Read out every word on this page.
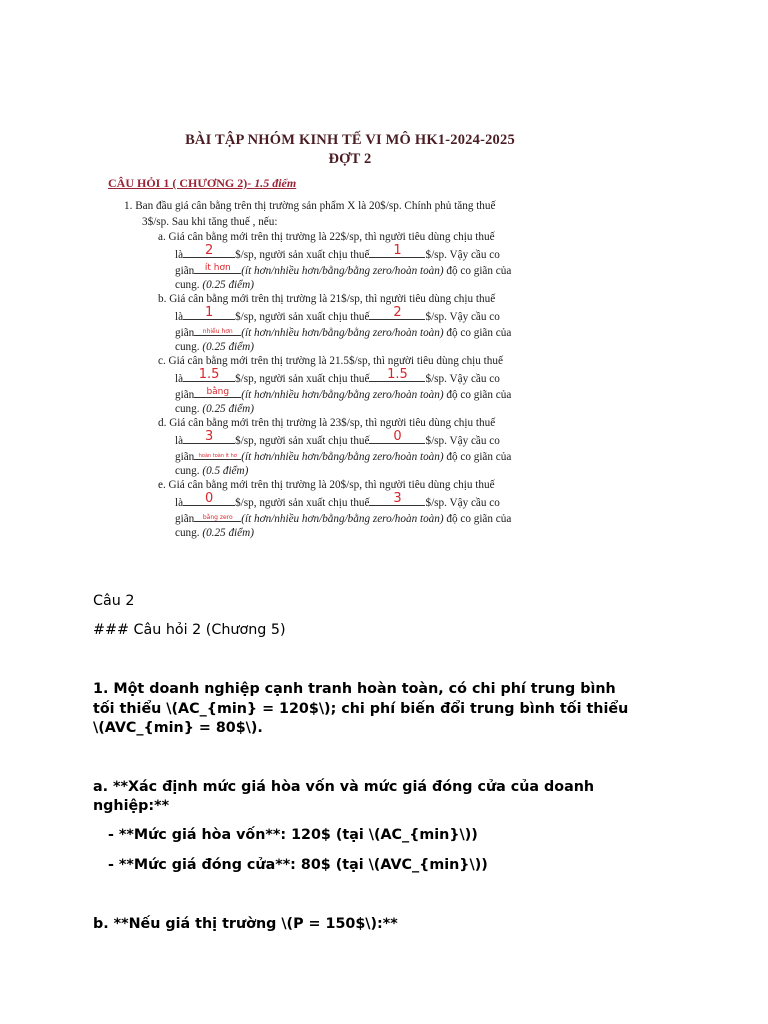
BÀI TẬP NHÓM KINH TẾ VI MÔ HK1-2024-2025
ĐỢT 2
CÂU HỎI 1 ( CHƯƠNG 2)- 1.5 điểm
1. Ban đầu giá cân bằng trên thị trường sản phẩm X là 20$/sp. Chính phủ tăng thuế
3$/sp. Sau khi tăng thuế , nếu:
a. Giá cân bằng mới trên thị trường là 22$/sp, thì người tiêu dùng chịu thuế
là	2	$/sp, người sản xuất chịu thuế	1	$/sp. Vậy cầu co
giãn	ít hơn (ít hơn/nhiều hơn/bằng/bằng zero/hoàn toàn) độ co giãn của
cung. (0.25 điểm)
b. Giá cân bằng mới trên thị trường là 21$/sp, thì người tiêu dùng chịu thuế
là	1	$/sp, người sản xuất chịu thuế	2	$/sp. Vậy cầu co
giãn	nhiều hơn (ít hơn/nhiều hơn/bằng/bằng zero/hoàn toàn) độ co giãn của
cung. (0.25 điểm)
c. Giá cân bằng mới trên thị trường là 21.5$/sp, thì người tiêu dùng chịu thuế
là	1.5	$/sp, người sản xuất chịu thuế	1.5	$/sp. Vậy cầu co
giãn	bằng	(ít hơn/nhiều hơn/bằng/bằng zero/hoàn toàn) độ co giãn của
cung. (0.25 điểm)
d. Giá cân bằng mới trên thị trường là 23$/sp, thì người tiêu dùng chịu thuế
là	3	$/sp, người sản xuất chịu thuế	0	$/sp. Vậy cầu co
giãn hoàn toàn ít hơ (ít hơn/nhiều hơn/bằng/bằng zero/hoàn toàn) độ co giãn của
cung. (0.5 điểm)
e. Giá cân bằng mới trên thị trường là 20$/sp, thì người tiêu dùng chịu thuế
là	0	$/sp, người sản xuất chịu thuế	3	$/sp. Vậy cầu co
giãn	bằng zero (ít hơn/nhiều hơn/bằng/bằng zero/hoàn toàn) độ co giãn của
cung. (0.25 điểm)
Câu 2
### Câu hỏi 2 (Chương 5)
1. Một doanh nghiệp cạnh tranh hoàn toàn, có chi phí trung bình
tối thiểu \(AC_{min} = 120$\); chi phí biến đổi trung bình tối thiểu
\(AVC_{min} = 80$\).
a. **Xác định mức giá hòa vốn và mức giá đóng cửa của doanh
nghiệp:**
- **Mức giá hòa vốn**: 120$ (tại \(AC_{min}\))
- **Mức giá đóng cửa**: 80$ (tại \(AVC_{min}\))
b. **Nếu giá thị trường \(P = 150$\):**
